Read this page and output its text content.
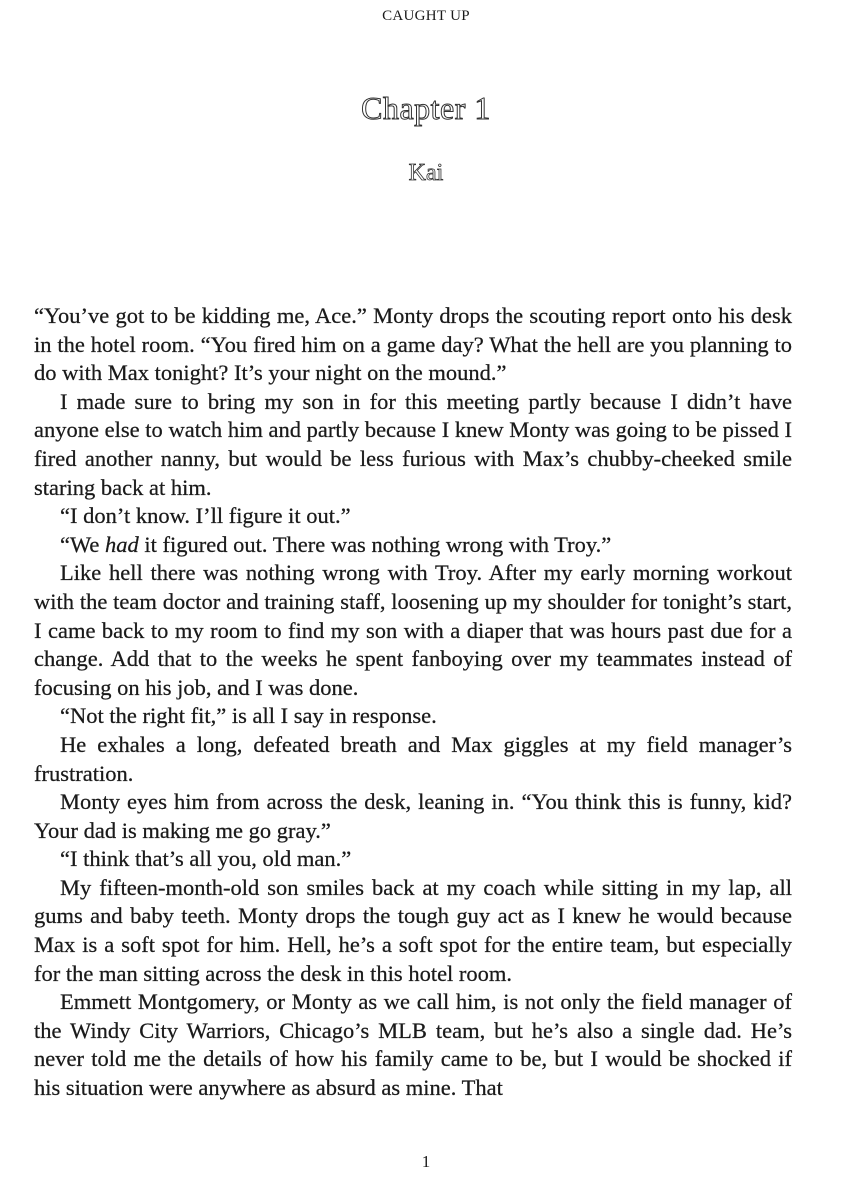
CAUGHT UP
Chapter 1
Kai

“You’ve got to be kidding me, Ace.” Monty drops the scouting report onto his desk in the hotel room. “You fired him on a game day? What the hell are you planning to do with Max tonight? It’s your night on the mound.”

I made sure to bring my son in for this meeting partly because I didn’t have anyone else to watch him and partly because I knew Monty was going to be pissed I fired another nanny, but would be less furious with Max’s chubby-cheeked smile staring back at him.

“I don’t know. I’ll figure it out.”

“We had it figured out. There was nothing wrong with Troy.”

Like hell there was nothing wrong with Troy. After my early morning workout with the team doctor and training staff, loosening up my shoulder for tonight’s start, I came back to my room to find my son with a diaper that was hours past due for a change. Add that to the weeks he spent fanboying over my teammates instead of focusing on his job, and I was done.

“Not the right fit,” is all I say in response.

He exhales a long, defeated breath and Max giggles at my field manager’s frustration.

Monty eyes him from across the desk, leaning in. “You think this is funny, kid? Your dad is making me go gray.”

“I think that’s all you, old man.”

My fifteen-month-old son smiles back at my coach while sitting in my lap, all gums and baby teeth. Monty drops the tough guy act as I knew he would because Max is a soft spot for him. Hell, he’s a soft spot for the entire team, but especially for the man sitting across the desk in this hotel room.

Emmett Montgomery, or Monty as we call him, is not only the field manager of the Windy City Warriors, Chicago’s MLB team, but he’s also a single dad. He’s never told me the details of how his family came to be, but I would be shocked if his situation were anywhere as absurd as mine. That

1
